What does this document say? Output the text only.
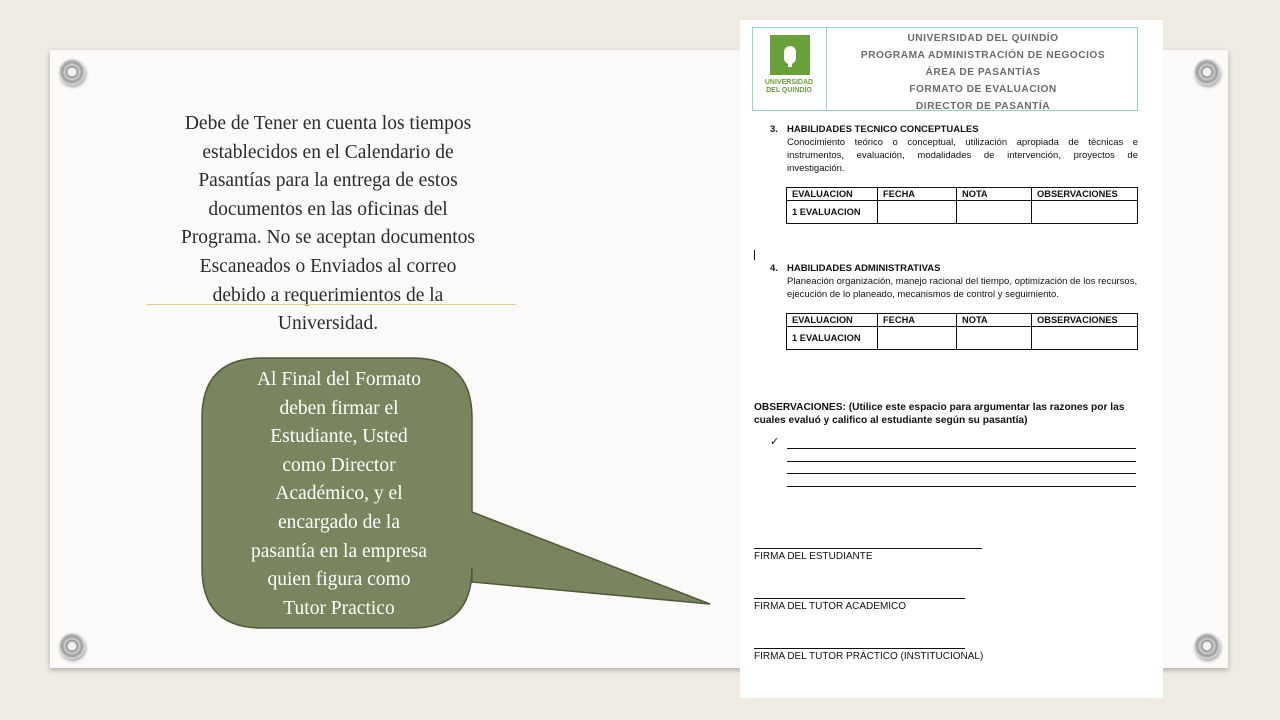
Debe de Tener en cuenta los tiempos
establecidos en el Calendario de
Pasantías para la entrega de estos
documentos en las oficinas del
Programa. No se aceptan documentos
Escaneados o Enviados al correo
debido a requerimientos de la
Universidad.
Al Final del Formato
deben firmar el
Estudiante, Usted
como Director
Académico, y el
encargado de la
pasantía en la empresa
quien figura como
Tutor Practico
UNIVERSIDAD
DEL QUINDÍO
UNIVERSIDAD DEL QUINDÍO
PROGRAMA ADMINISTRACIÓN DE NEGOCIOS
ÁREA DE PASANTÍAS
FORMATO DE EVALUACION
DIRECTOR DE PASANTÍA
3. HABILIDADES TECNICO CONCEPTUALES
Conocimiento teórico o conceptual, utilización apropiada de técnicas e instrumentos, evaluación, modalidades de intervención, proyectos de investigación.
EVALUACION	FECHA	NOTA	OBSERVACIONES
1 EVALUACION			
4. HABILIDADES ADMINISTRATIVAS
Planeación organización, manejo racional del tiempo, optimización de los recursos, ejecución de lo planeado, mecanismos de control y seguimiento.
EVALUACION	FECHA	NOTA	OBSERVACIONES
1 EVALUACION			
OBSERVACIONES: (Utilice este espacio para argumentar las razones por las cuales evaluó y califico al estudiante según su pasantía)
✓
FIRMA DEL ESTUDIANTE
FIRMA DEL TUTOR ACADEMICO
FIRMA DEL TUTOR PRÁCTICO (INSTITUCIONAL)
